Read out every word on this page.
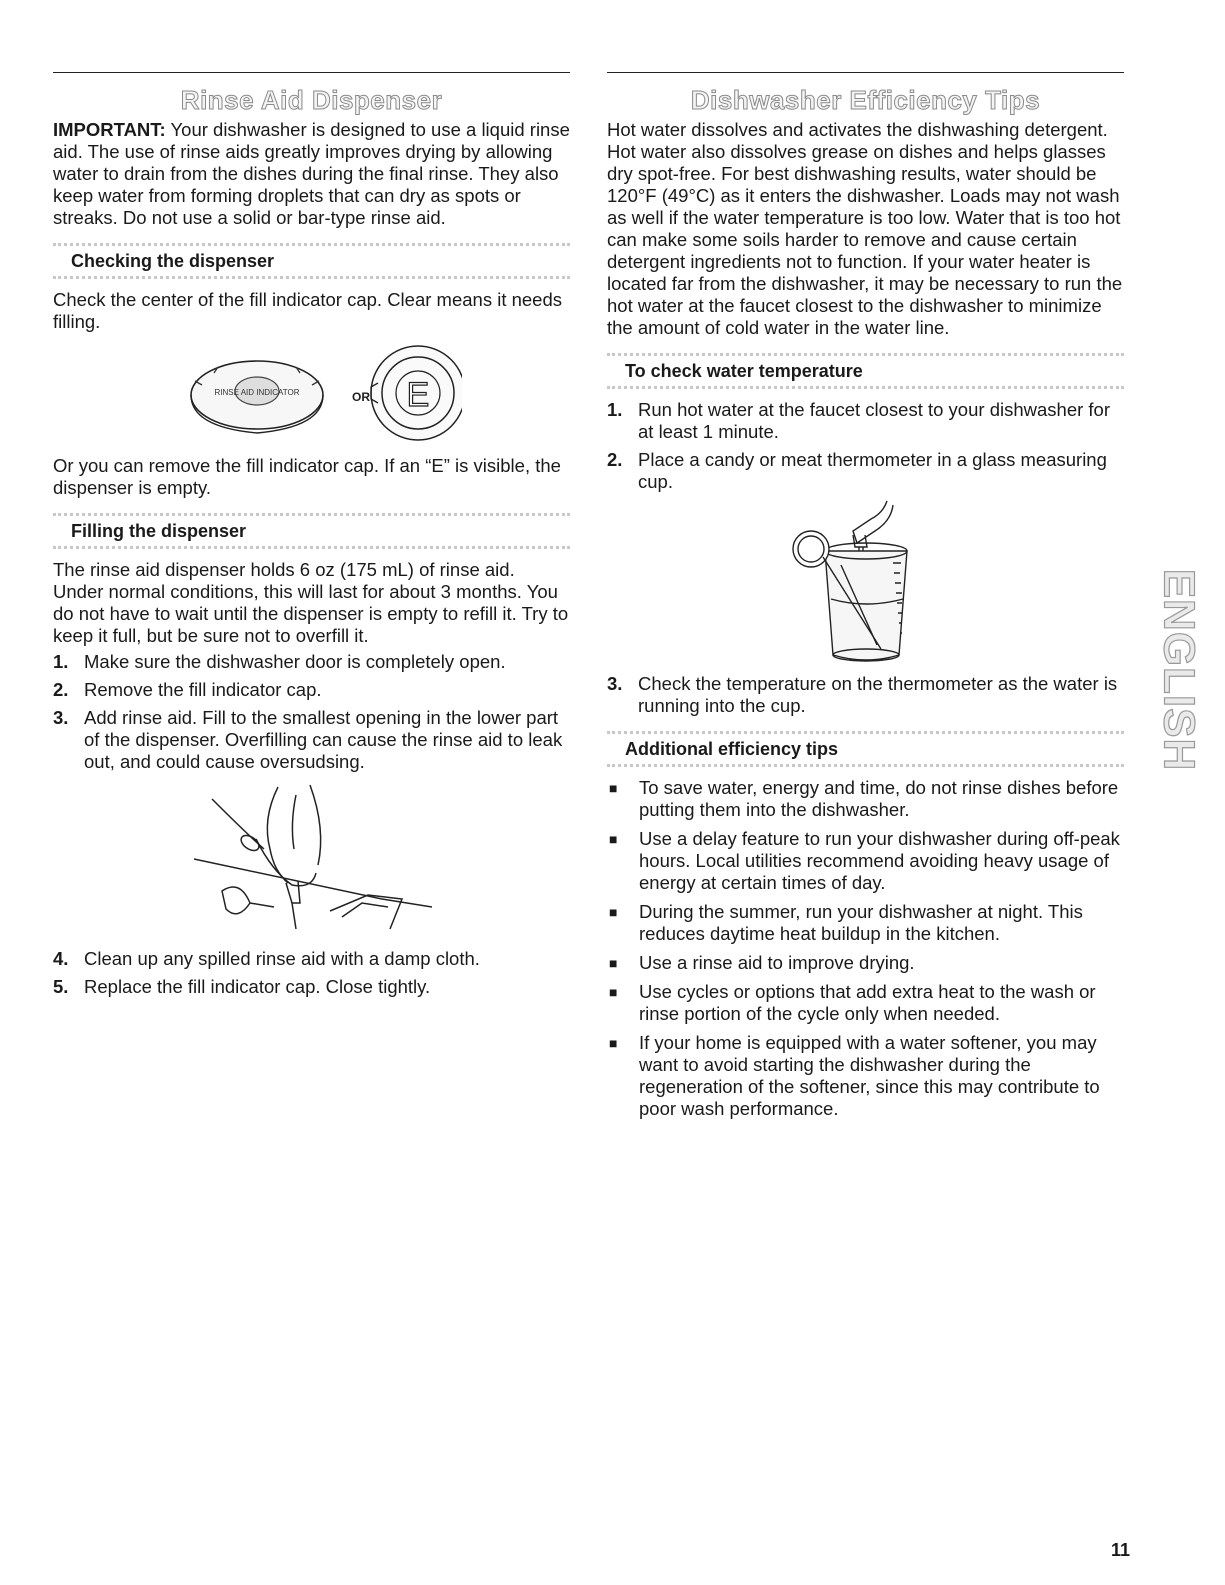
Rinse Aid Dispenser

IMPORTANT: Your dishwasher is designed to use a liquid rinse aid. The use of rinse aids greatly improves drying by allowing water to drain from the dishes during the final rinse. They also keep water from forming droplets that can dry as spots or streaks. Do not use a solid or bar-type rinse aid.

Checking the dispenser

Check the center of the fill indicator cap. Clear means it needs filling.

RINSE AID INDICATOR	OR E

Or you can remove the fill indicator cap. If an “E” is visible, the dispenser is empty.

Filling the dispenser

The rinse aid dispenser holds 6 oz (175 mL) of rinse aid. Under normal conditions, this will last for about 3 months. You do not have to wait until the dispenser is empty to refill it. Try to keep it full, but be sure not to overfill it.

1. Make sure the dishwasher door is completely open.
2. Remove the fill indicator cap.
3. Add rinse aid. Fill to the smallest opening in the lower part of the dispenser. Overfilling can cause the rinse aid to leak out, and could cause oversudsing.
4. Clean up any spilled rinse aid with a damp cloth.
5. Replace the fill indicator cap. Close tightly.
Dishwasher Efficiency Tips

Hot water dissolves and activates the dishwashing detergent. Hot water also dissolves grease on dishes and helps glasses dry spot-free. For best dishwashing results, water should be 120°F (49°C) as it enters the dishwasher. Loads may not wash as well if the water temperature is too low. Water that is too hot can make some soils harder to remove and cause certain detergent ingredients not to function. If your water heater is located far from the dishwasher, it may be necessary to run the hot water at the faucet closest to the dishwasher to minimize the amount of cold water in the water line.

To check water temperature
1. Run hot water at the faucet closest to your dishwasher for at least 1 minute.
2. Place a candy or meat thermometer in a glass measuring cup.
3. Check the temperature on the thermometer as the water is running into the cup.
Additional efficiency tips
■	To save water, energy and time, do not rinse dishes before putting them into the dishwasher.
■	Use a delay feature to run your dishwasher during off-peak hours. Local utilities recommend avoiding heavy usage of energy at certain times of day.
■	During the summer, run your dishwasher at night. This reduces daytime heat buildup in the kitchen.
■	Use a rinse aid to improve drying.
■	Use cycles or options that add extra heat to the wash or rinse portion of the cycle only when needed.
■	If your home is equipped with a water softener, you may want to avoid starting the dishwasher during the regeneration of the softener, since this may contribute to poor wash performance.
ENGLISH
11
